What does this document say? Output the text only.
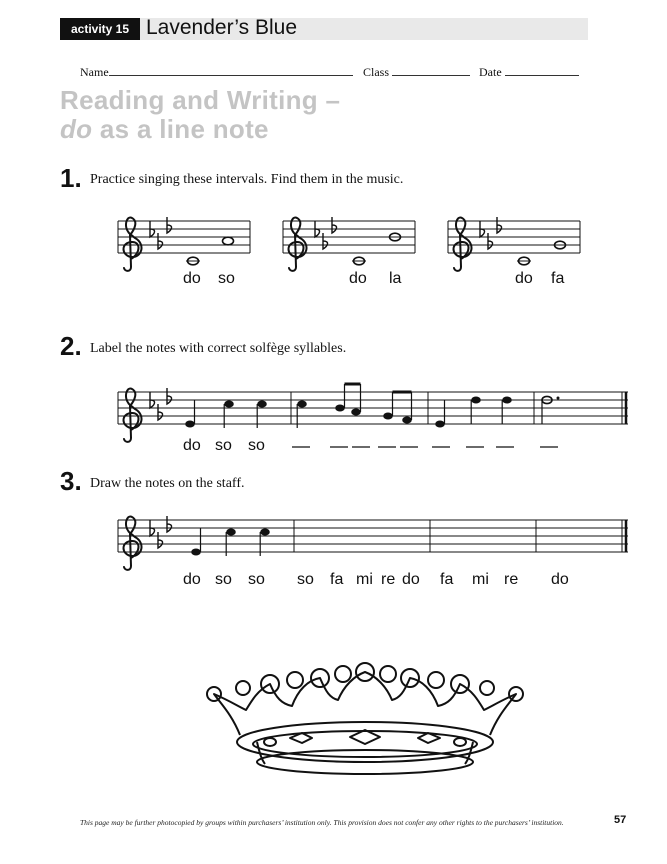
activity 15 Lavender’s Blue
Name	Class	Date
Reading and Writing –
do as a line note
1. Practice singing these intervals. Find them in the music.
2. Label the notes with correct solfège syllables.
3. Draw the notes on the staff.
do so	do la	do fa
do so so
do so so so fa mi re do fa mi re do
This page may be further photocopied by groups within purchasers’ institution only. This provision does not confer any other rights to the purchasers’ institution.	57
